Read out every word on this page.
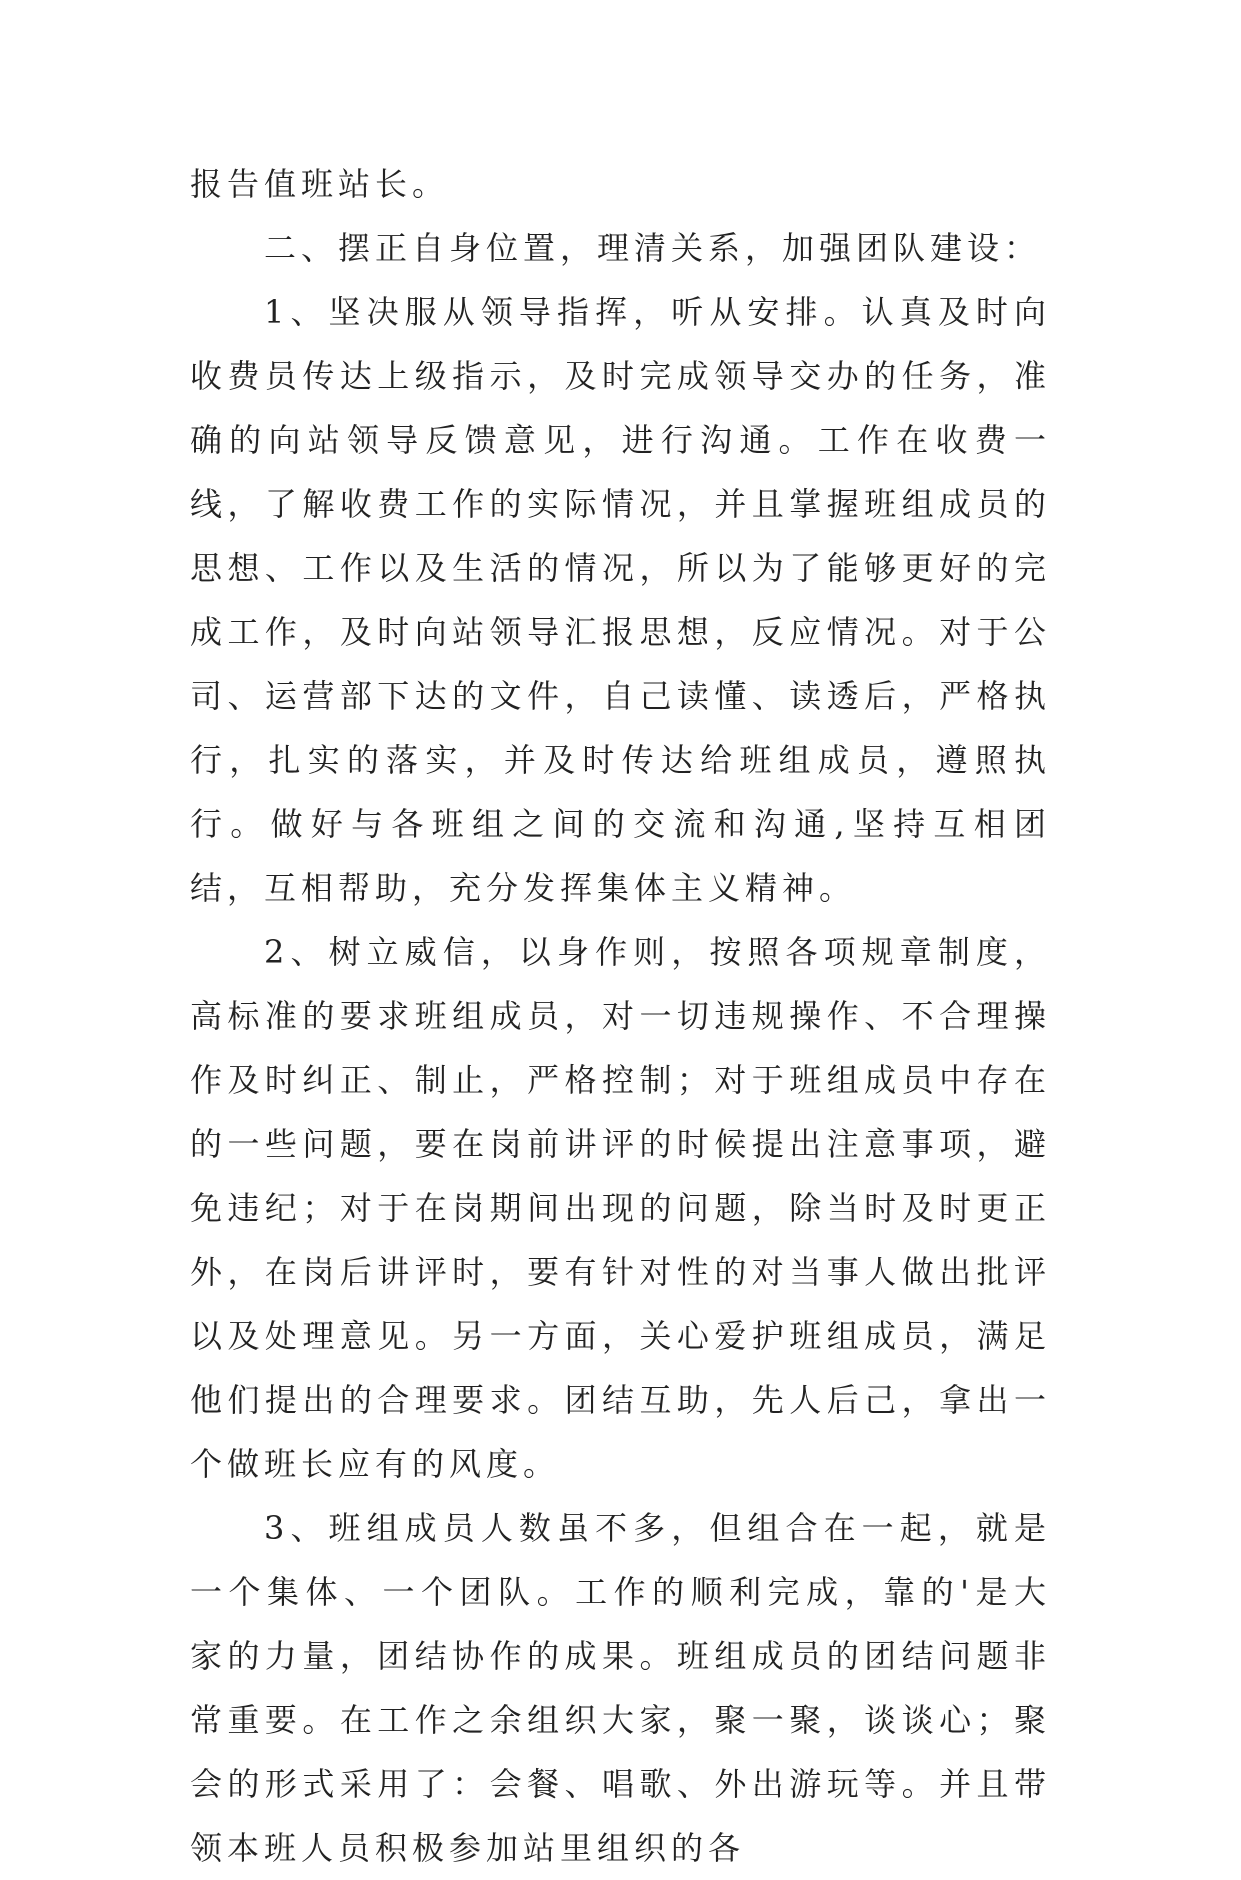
报告值班站长。

二、摆正自身位置，理清关系，加强团队建设：

1、坚决服从领导指挥，听从安排。认真及时向收费员传达上级指示，及时完成领导交办的任务，准确的向站领导反馈意见，进行沟通。工作在收费一线，了解收费工作的实际情况，并且掌握班组成员的思想、工作以及生活的情况，所以为了能够更好的完成工作，及时向站领导汇报思想，反应情况。对于公司、运营部下达的文件，自己读懂、读透后，严格执行，扎实的落实，并及时传达给班组成员，遵照执行。做好与各班组之间的交流和沟通,坚持互相团结，互相帮助，充分发挥集体主义精神。

2、树立威信，以身作则，按照各项规章制度，高标准的要求班组成员，对一切违规操作、不合理操作及时纠正、制止，严格控制；对于班组成员中存在的一些问题，要在岗前讲评的时候提出注意事项，避免违纪；对于在岗期间出现的问题，除当时及时更正外，在岗后讲评时，要有针对性的对当事人做出批评以及处理意见。另一方面，关心爱护班组成员，满足他们提出的合理要求。团结互助，先人后己，拿出一个做班长应有的风度。

3、班组成员人数虽不多，但组合在一起，就是一个集体、一个团队。工作的顺利完成，靠的'是大家的力量，团结协作的成果。班组成员的团结问题非常重要。在工作之余组织大家，聚一聚，谈谈心；聚会的形式采用了：会餐、唱歌、外出游玩等。并且带领本班人员积极参加站里组织的各
